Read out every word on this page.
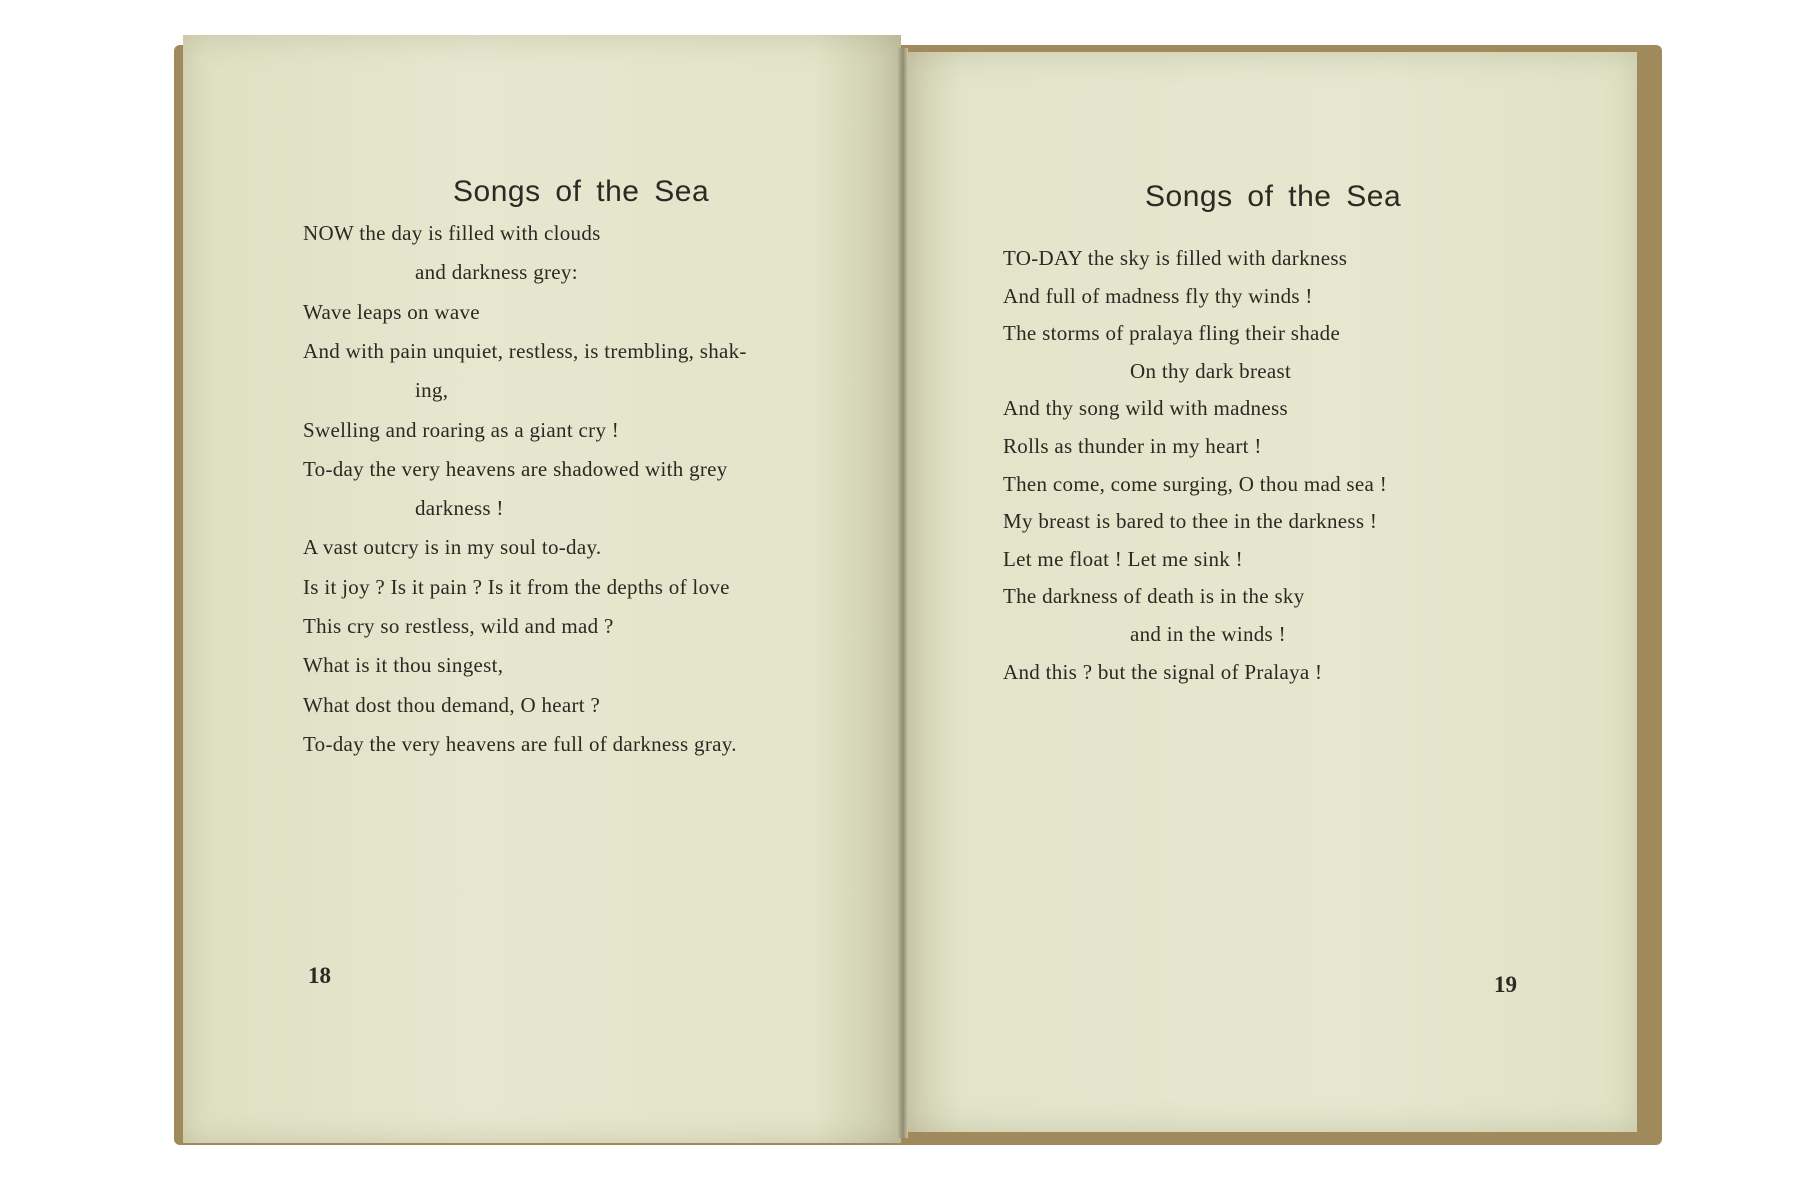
Songs of the Sea
NOW the day is filled with clouds
and darkness grey:
Wave leaps on wave
And with pain unquiet, restless, is trembling, shak-
ing,
Swelling and roaring as a giant cry !
To-day the very heavens are shadowed with grey
darkness !
A vast outcry is in my soul to-day.
Is it joy ? Is it pain ? Is it from the depths of love
This cry so restless, wild and mad ?
What is it thou singest,
What dost thou demand, O heart ?
To-day the very heavens are full of darkness gray.
18
Songs of the Sea
TO-DAY the sky is filled with darkness
And full of madness fly thy winds !
The storms of pralaya fling their shade
On thy dark breast
And thy song wild with madness
Rolls as thunder in my heart !
Then come, come surging, O thou mad sea !
My breast is bared to thee in the darkness !
Let me float ! Let me sink !
The darkness of death is in the sky
and in the winds !
And this ? but the signal of Pralaya !
19
